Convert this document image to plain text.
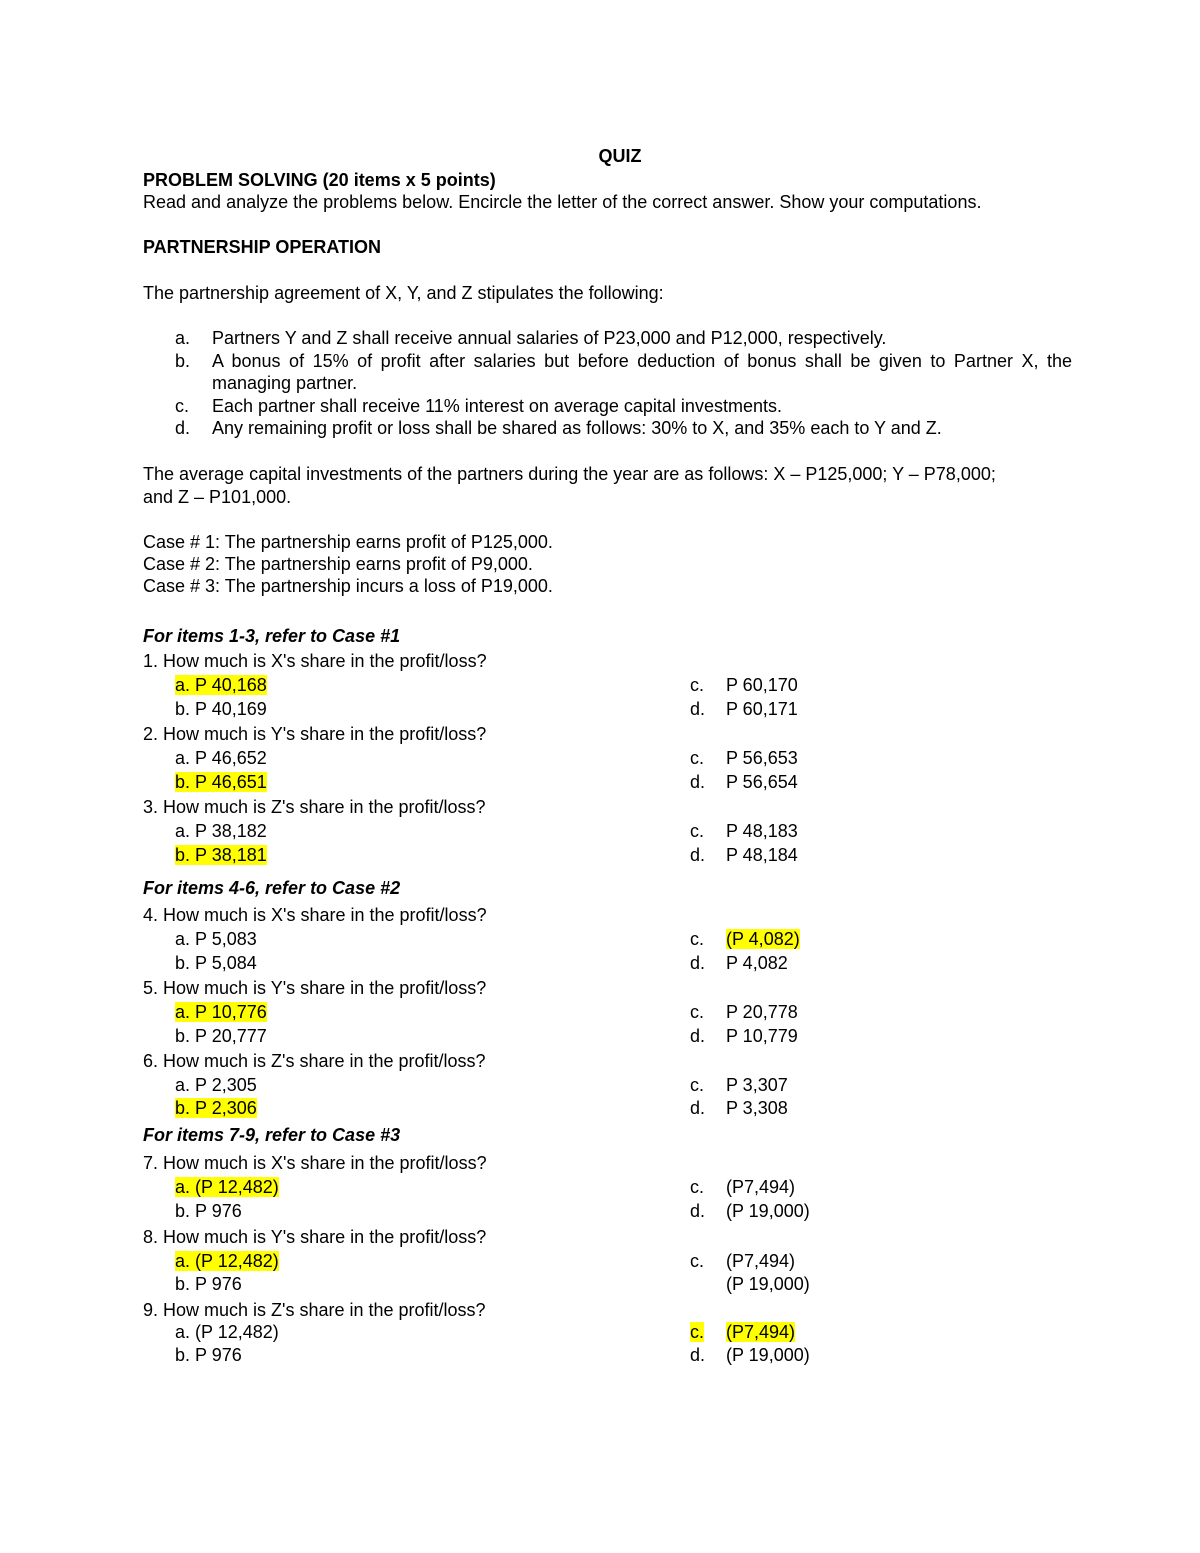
QUIZ
PROBLEM SOLVING (20 items x 5 points)
Read and analyze the problems below. Encircle the letter of the correct answer. Show your computations.
PARTNERSHIP OPERATION
The partnership agreement of X, Y, and Z stipulates the following:
a. Partners Y and Z shall receive annual salaries of P23,000 and P12,000, respectively.
b. A bonus of 15% of profit after salaries but before deduction of bonus shall be given to Partner X, the managing partner.
c. Each partner shall receive 11% interest on average capital investments.
d. Any remaining profit or loss shall be shared as follows: 30% to X, and 35% each to Y and Z.
The average capital investments of the partners during the year are as follows: X – P125,000; Y – P78,000;
and Z – P101,000.
Case # 1: The partnership earns profit of P125,000.
Case # 2: The partnership earns profit of P9,000.
Case # 3: The partnership incurs a loss of P19,000.
For items 1-3, refer to Case #1
1. How much is X's share in the profit/loss?
a. P 40,168	c. P 60,170
b. P 40,169	d. P 60,171
2. How much is Y's share in the profit/loss?
a. P 46,652	c. P 56,653
b. P 46,651	d. P 56,654
3. How much is Z's share in the profit/loss?
a. P 38,182	c. P 48,183
b. P 38,181	d. P 48,184
For items 4-6, refer to Case #2
4. How much is X's share in the profit/loss?
a. P 5,083	c. (P 4,082)
b. P 5,084	d. P 4,082
5. How much is Y's share in the profit/loss?
a. P 10,776	c. P 20,778
b. P 20,777	d. P 10,779
6. How much is Z's share in the profit/loss?
a. P 2,305	c. P 3,307
b. P 2,306	d. P 3,308
For items 7-9, refer to Case #3
7. How much is X's share in the profit/loss?
a. (P 12,482)	c. (P7,494)
b. P 976	d. (P 19,000)
8. How much is Y's share in the profit/loss?
a. (P 12,482)	c. (P7,494)
b. P 976	(P 19,000)
9. How much is Z's share in the profit/loss?
a. (P 12,482)	c. (P7,494)
b. P 976	d. (P 19,000)
